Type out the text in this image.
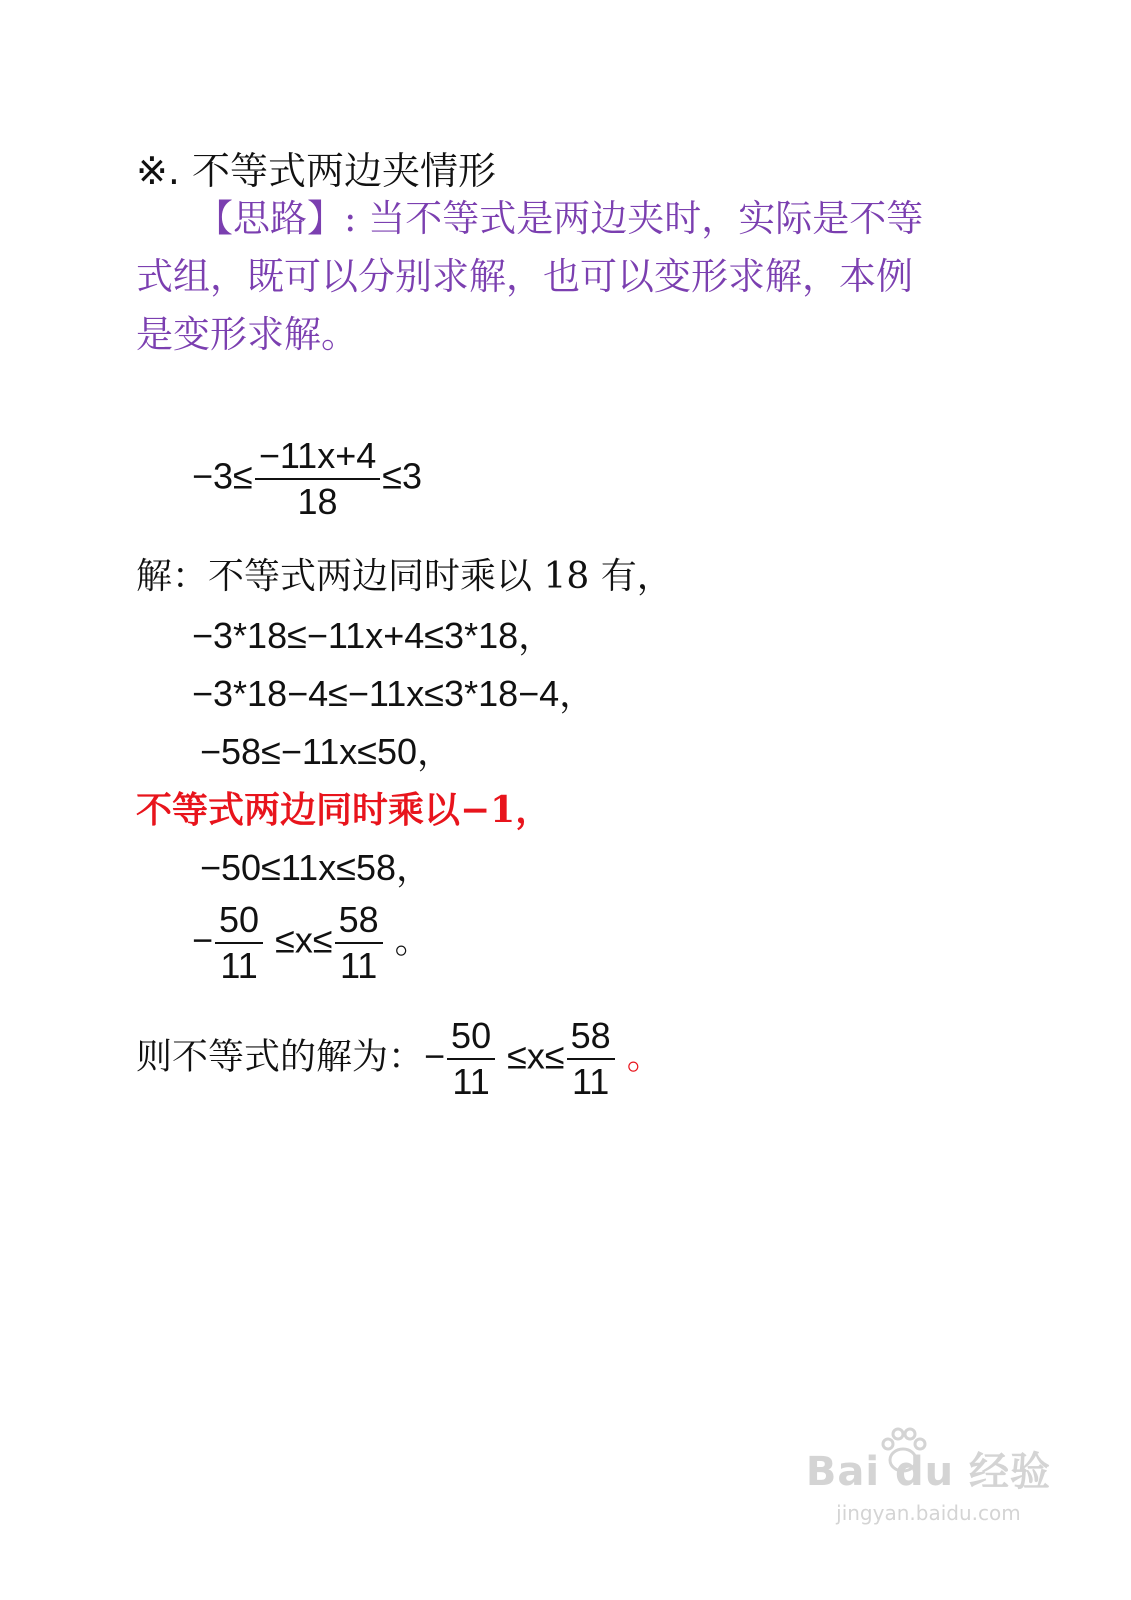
※. 不等式两边夹情形
【思路】: 当不等式是两边夹时，实际是不等
式组，既可以分别求解，也可以变形求解，本例
是变形求解。
$-3\le \frac{-11x+4}{18} \le 3$
解：不等式两边同时乘以 18 有，
−3*18≤−11x+4≤3*18，
−3*18−4≤−11x≤3*18−4，
−58≤−11x≤50，
不等式两边同时乘以−1，
−50≤11x≤58，
− $\frac{50}{11} \le x\le \frac{58}{11}$ 。
则不等式的解为：− $\frac{50}{11} \le x\le \frac{58}{11}$ 。
Bai du 经验
jingyan.baidu.com
